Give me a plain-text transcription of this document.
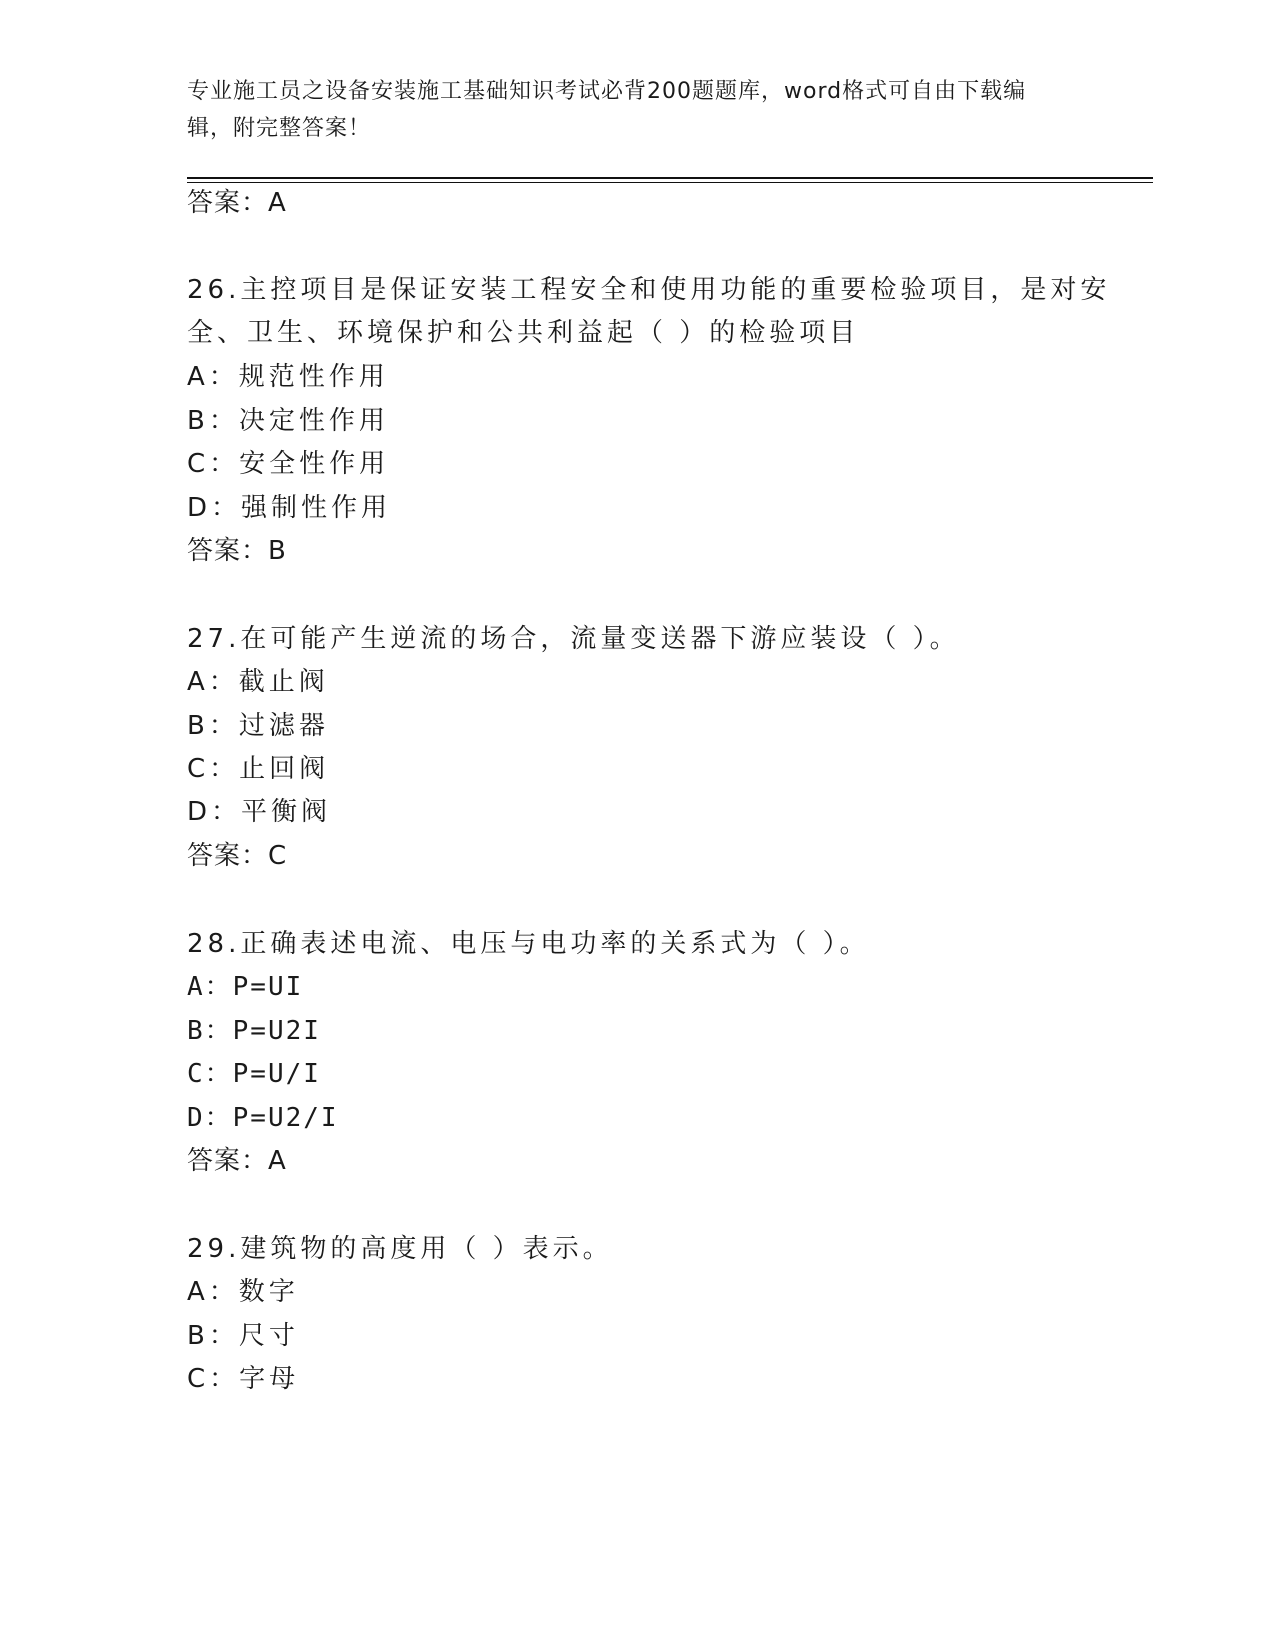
专业施工员之设备安装施工基础知识考试必背200题题库，word格式可自由下载编辑，附完整答案！
答案：A
26.主控项目是保证安装工程安全和使用功能的重要检验项目，是对安
全、卫生、环境保护和公共利益起（ ）的检验项目
A：规范性作用
B：决定性作用
C：安全性作用
D：强制性作用
答案：B
27.在可能产生逆流的场合，流量变送器下游应装设（ ）。
A：截止阀
B：过滤器
C：止回阀
D：平衡阀
答案：C
28.正确表述电流、电压与电功率的关系式为（ ）。
A：P=UI
B：P=U2I
C：P=U/I
D：P=U2/I
答案：A
29.建筑物的高度用（ ）表示。
A：数字
B：尺寸
C：字母
